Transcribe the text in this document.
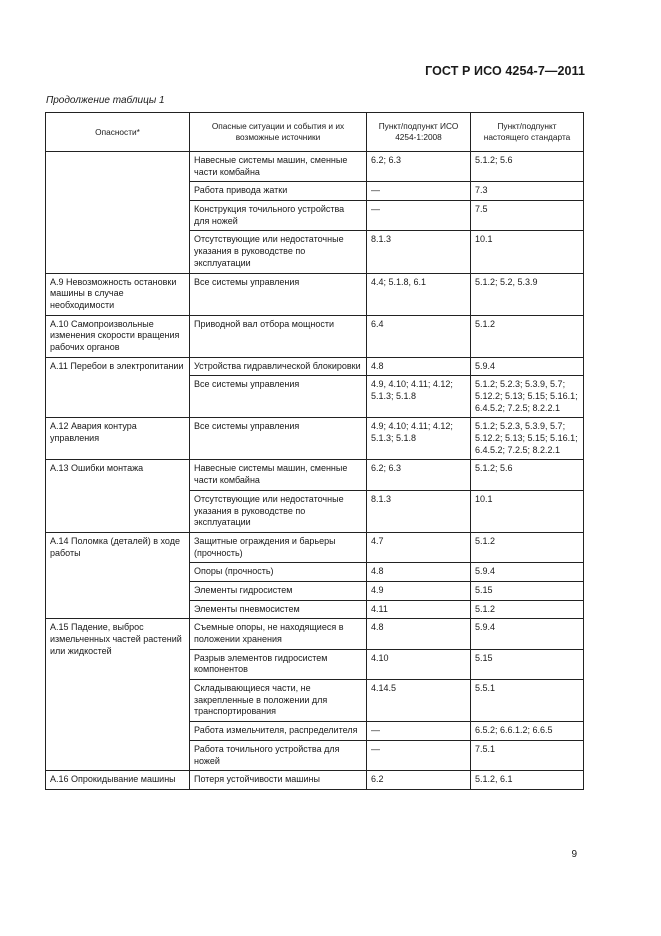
ГОСТ Р ИСО 4254-7—2011
Продолжение таблицы 1
Опасности*	Опасные ситуации и события и их возможные источники	Пункт/подпункт ИСО 4254-1:2008	Пункт/подпункт настоящего стандарта
	Навесные системы машин, сменные части комбайна	6.2; 6.3	5.1.2; 5.6
	Работа привода жатки	—	7.3
	Конструкция точильного устройства для ножей	—	7.5
	Отсутствующие или недостаточные указания в руководстве по эксплуатации	8.1.3	10.1
А.9 Невозможность остановки машины в случае необходимости	Все системы управления	4.4; 5.1.8, 6.1	5.1.2; 5.2, 5.3.9
А.10 Самопроизвольные изменения скорости вращения рабочих органов	Приводной вал отбора мощности	6.4	5.1.2
А.11 Перебои в электропитании	Устройства гидравлической блокировки	4.8	5.9.4
	Все системы управления	4.9, 4.10; 4.11; 4.12; 5.1.3; 5.1.8	5.1.2; 5.2.3; 5.3.9, 5.7; 5.12.2; 5.13; 5.15; 5.16.1; 6.4.5.2; 7.2.5; 8.2.2.1
А.12 Авария контура управления	Все системы управления	4.9; 4.10; 4.11; 4.12; 5.1.3; 5.1.8	5.1.2; 5.2.3, 5.3.9, 5.7; 5.12.2; 5.13; 5.15; 5.16.1; 6.4.5.2; 7.2.5; 8.2.2.1
А.13 Ошибки монтажа	Навесные системы машин, сменные части комбайна	6.2; 6.3	5.1.2; 5.6
	Отсутствующие или недостаточные указания в руководстве по эксплуатации	8.1.3	10.1
А.14 Поломка (деталей) в ходе работы	Защитные ограждения и барьеры (прочность)	4.7	5.1.2
	Опоры (прочность)	4.8	5.9.4
	Элементы гидросистем	4.9	5.15
	Элементы пневмосистем	4.11	5.1.2
А.15 Падение, выброс измельченных частей растений или жидкостей	Съемные опоры, не находящиеся в положении хранения	4.8	5.9.4
	Разрыв элементов гидросистем компонентов	4.10	5.15
	Складывающиеся части, не закрепленные в положении для транспортирования	4.14.5	5.5.1
	Работа измельчителя, распределителя	—	6.5.2; 6.6.1.2; 6.6.5
	Работа точильного устройства для ножей	—	7.5.1
А.16 Опрокидывание машины	Потеря устойчивости машины	6.2	5.1.2, 6.1
9
